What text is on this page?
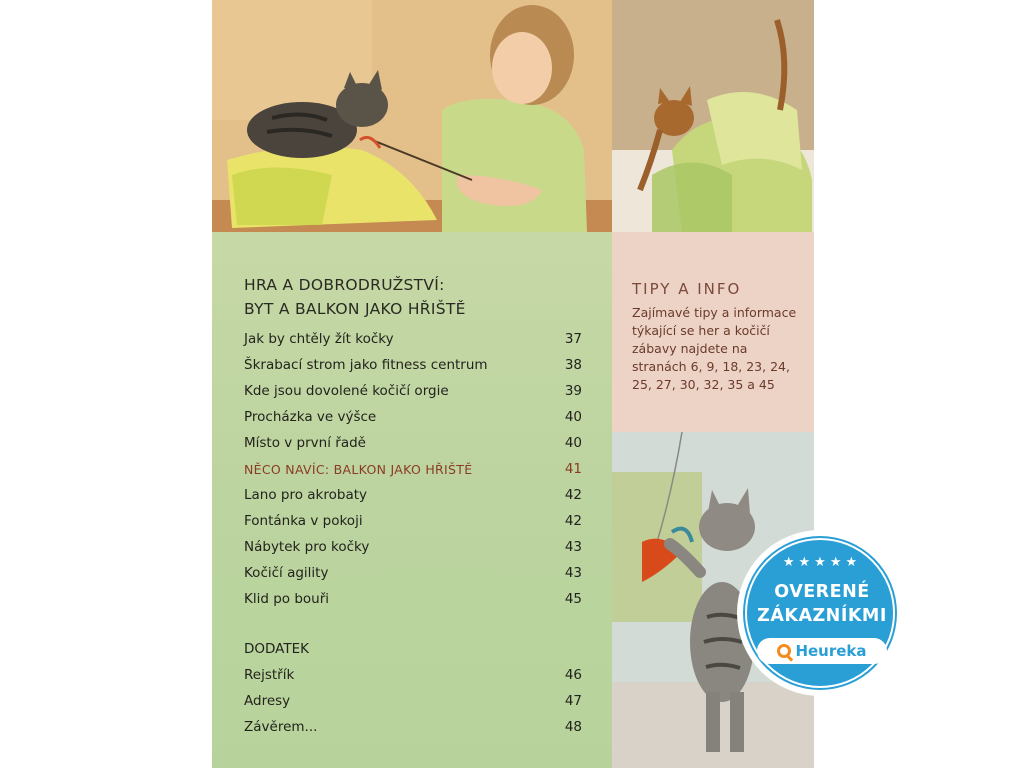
HRA A DOBRODRUŽSTVÍ:
BYT A BALKON JAKO HŘIŠTĚ
Jak by chtěly žít kočky	37
Škrabací strom jako fitness centrum	38
Kde jsou dovolené kočičí orgie	39
Procházka ve výšce	40
Místo v první řadě	40
NĚCO NAVÍC: BALKON JAKO HŘIŠTĚ	41
Lano pro akrobaty	42
Fontánka v pokoji	42
Nábytek pro kočky	43
Kočičí agility	43
Klid po bouři	45
DODATEK
Rejstřík	46
Adresy	47
Závěrem...	48
TIPY A INFO
Zajímavé tipy a informace
týkající se her a kočičí
zábavy najdete na
stranách 6, 9, 18, 23, 24,
25, 27, 30, 32, 35 a 45
★★★★★
OVERENÉ
ZÁKAZNÍKMI
Heureka
